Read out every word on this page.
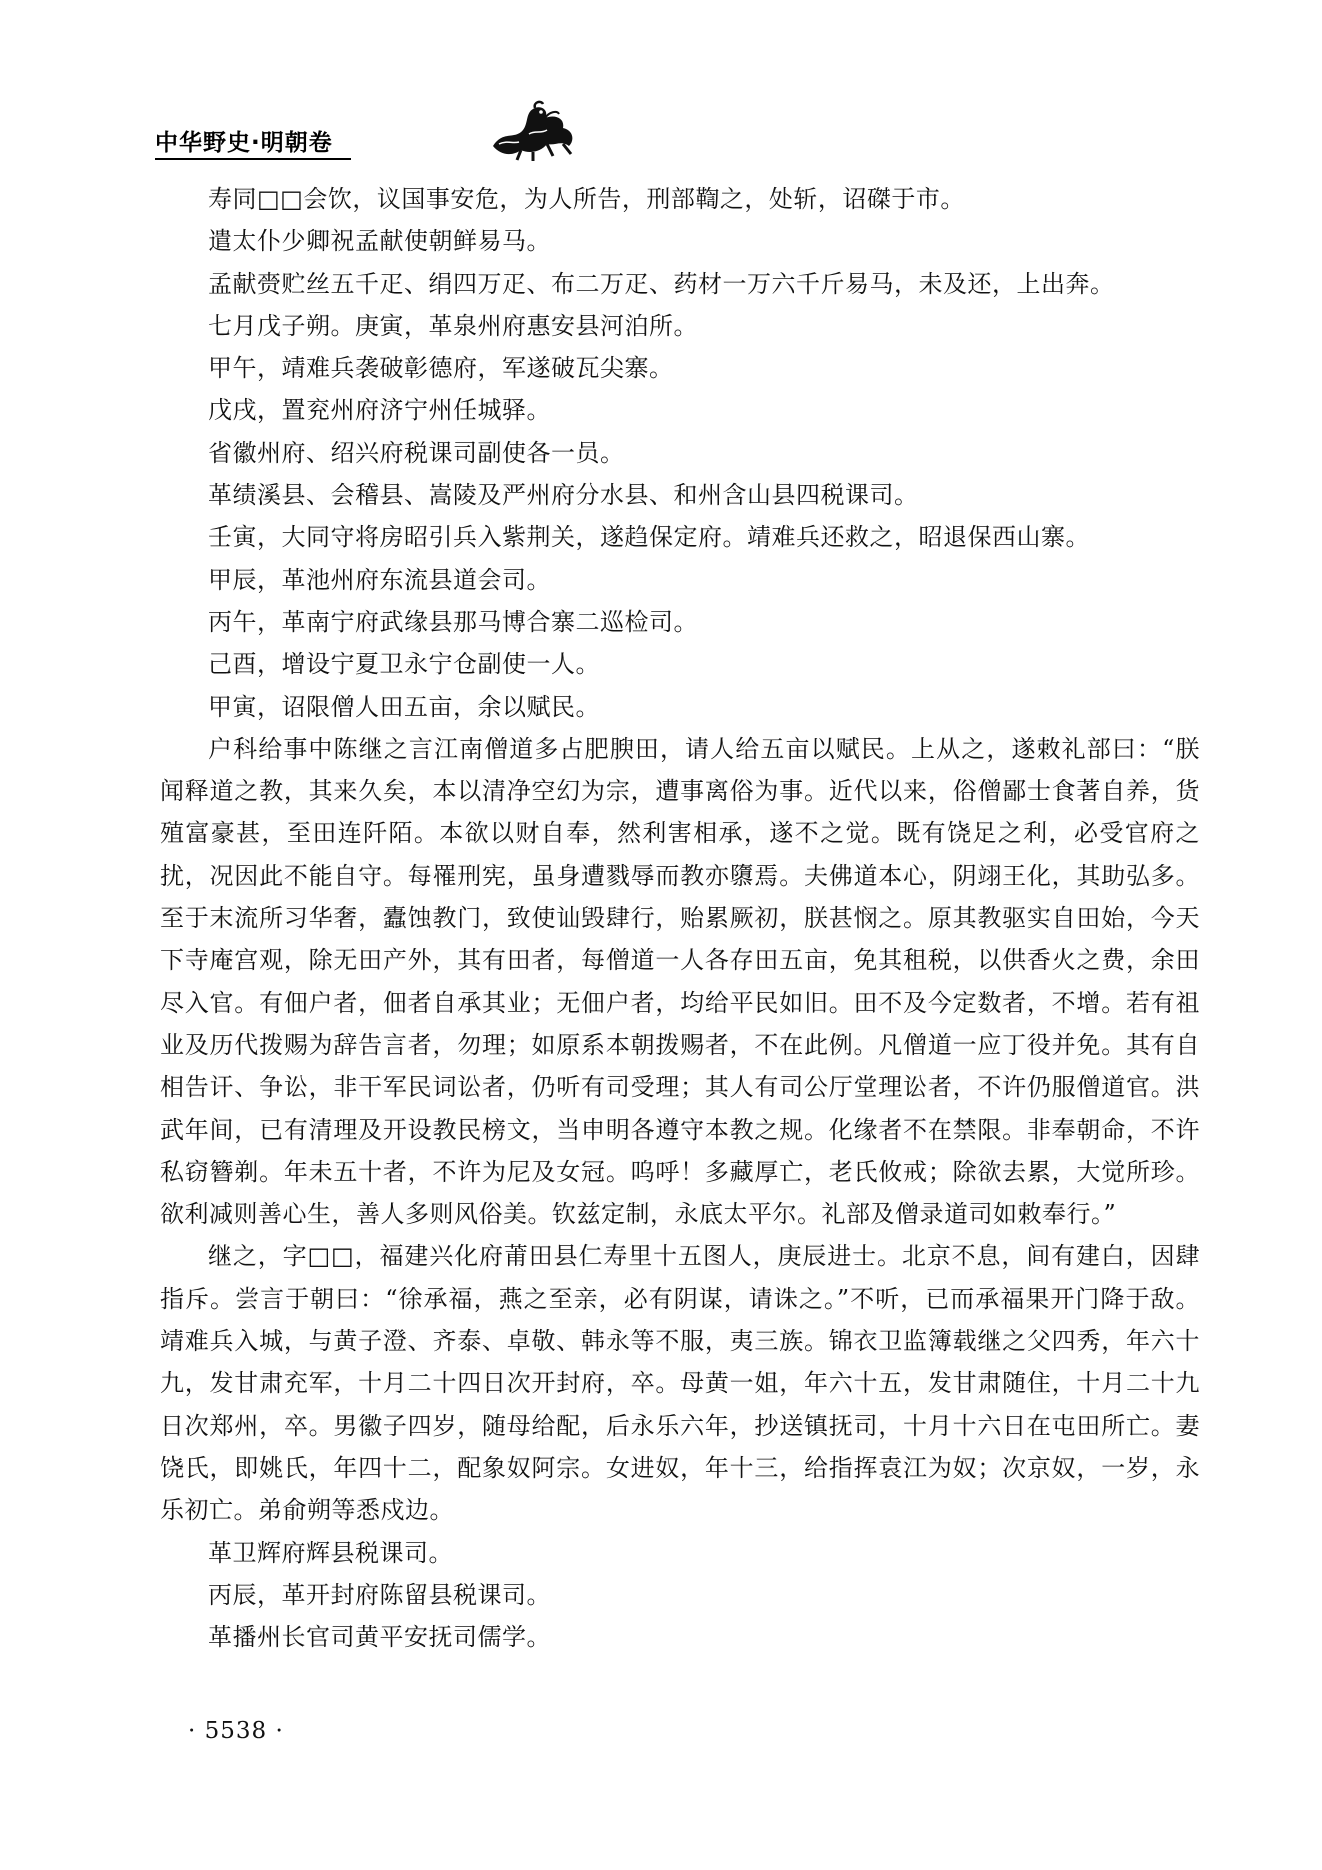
中华野史·明朝卷

寿同□□会饮，议国事安危，为人所告，刑部鞫之，处斩，诏磔于市。

遣太仆少卿祝孟献使朝鲜易马。

孟献赍贮丝五千疋、绢四万疋、布二万疋、药材一万六千斤易马，未及还，上出奔。

七月戊子朔。庚寅，革泉州府惠安县河泊所。

甲午，靖难兵袭破彰德府，军遂破瓦尖寨。

戊戌，置兖州府济宁州任城驿。

省徽州府、绍兴府税课司副使各一员。

革绩溪县、会稽县、嵩陵及严州府分水县、和州含山县四税课司。

壬寅，大同守将房昭引兵入紫荆关，遂趋保定府。靖难兵还救之，昭退保西山寨。

甲辰，革池州府东流县道会司。

丙午，革南宁府武缘县那马博合寨二巡检司。

己酉，增设宁夏卫永宁仓副使一人。

甲寅，诏限僧人田五亩，余以赋民。

户科给事中陈继之言江南僧道多占肥腴田，请人给五亩以赋民。上从之，遂敕礼部曰：“朕闻释道之教，其来久矣，本以清净空幻为宗，遭事离俗为事。近代以来，俗僧鄙士食著自养，货殖富豪甚，至田连阡陌。本欲以财自奉，然利害相承，遂不之觉。既有饶足之利，必受官府之扰，况因此不能自守。每罹刑宪，虽身遭戮辱而教亦隳焉。夫佛道本心，阴翊王化，其助弘多。至于末流所习华奢，蠹蚀教门，致使讪毁肆行，贻累厥初，朕甚悯之。原其教驱实自田始，今天下寺庵宫观，除无田产外，其有田者，每僧道一人各存田五亩，免其租税，以供香火之费，余田尽入官。有佃户者，佃者自承其业；无佃户者，均给平民如旧。田不及今定数者，不增。若有祖业及历代拨赐为辞告言者，勿理；如原系本朝拨赐者，不在此例。凡僧道一应丁役并免。其有自相告讦、争讼，非干军民词讼者，仍听有司受理；其人有司公厅堂理讼者，不许仍服僧道官。洪武年间，已有清理及开设教民榜文，当申明各遵守本教之规。化缘者不在禁限。非奉朝命，不许私窃簪剃。年未五十者，不许为尼及女冠。呜呼！多藏厚亡，老氏攸戒；除欲去累，大觉所珍。欲利减则善心生，善人多则风俗美。钦兹定制，永底太平尔。礼部及僧录道司如敕奉行。”

继之，字□□，福建兴化府莆田县仁寿里十五图人，庚辰进士。北京不息，间有建白，因肆指斥。尝言于朝曰：“徐承福，燕之至亲，必有阴谋，请诛之。”不听，已而承福果开门降于敌。靖难兵入城，与黄子澄、齐泰、卓敬、韩永等不服，夷三族。锦衣卫监簿载继之父四秀，年六十九，发甘肃充军，十月二十四日次开封府，卒。母黄一姐，年六十五，发甘肃随住，十月二十九日次郑州，卒。男徽子四岁，随母给配，后永乐六年，抄送镇抚司，十月十六日在屯田所亡。妻饶氏，即姚氏，年四十二，配象奴阿宗。女进奴，年十三，给指挥袁江为奴；次京奴，一岁，永乐初亡。弟俞朔等悉戍边。

革卫辉府辉县税课司。

丙辰，革开封府陈留县税课司。

革播州长官司黄平安抚司儒学。

· 5538 ·
